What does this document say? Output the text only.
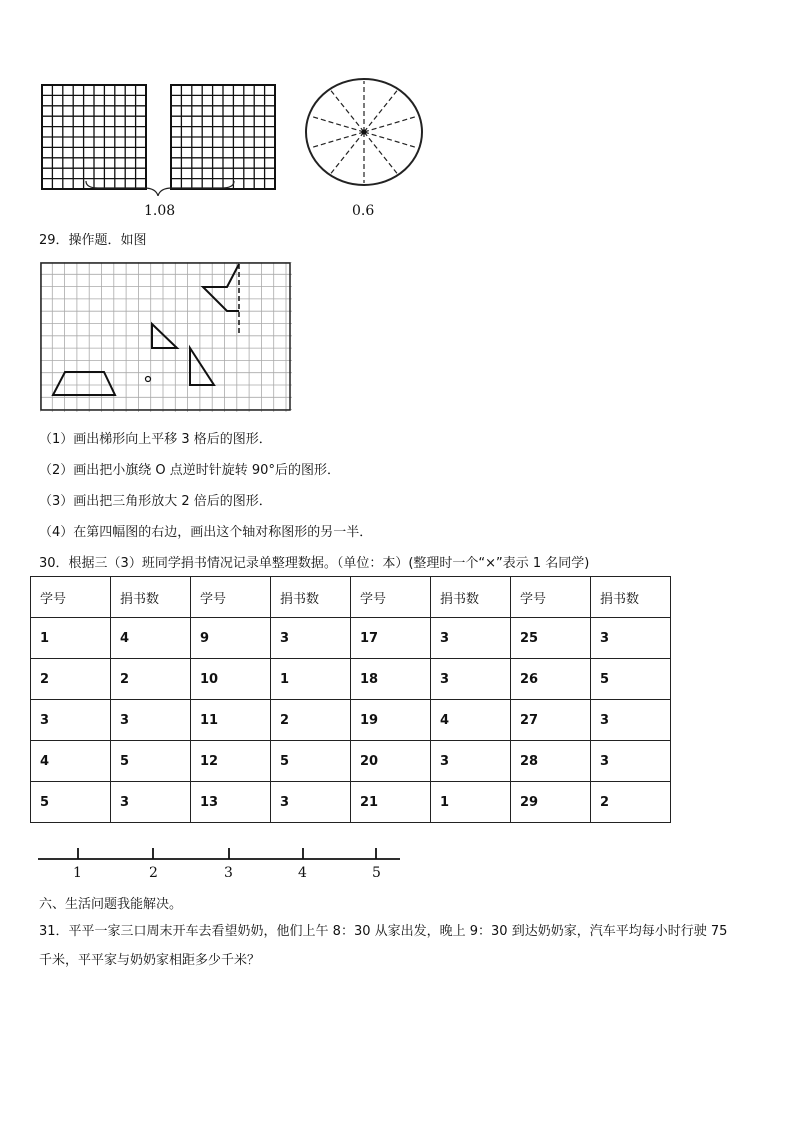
1.08	0.6
29．操作题．如图
（1）画出梯形向上平移 3 格后的图形．
（2）画出把小旗绕 O 点逆时针旋转 90°后的图形．
（3）画出把三角形放大 2 倍后的图形．
（4）在第四幅图的右边，画出这个轴对称图形的另一半．
30．根据三（3）班同学捐书情况记录单整理数据。（单位：本）(整理时一个“×”表示 1 名同学)
学号	捐书数	学号	捐书数	学号	捐书数	学号	捐书数
1	4	9	3	17	3	25	3
2	2	10	1	18	3	26	5
3	3	11	2	19	4	27	3
4	5	12	5	20	3	28	3
5	3	13	3	21	1	29	2
1	2	3	4	5
六、生活问题我能解决。
31．平平一家三口周末开车去看望奶奶，他们上午 8：30 从家出发，晚上 9：30 到达奶奶家，汽车平均每小时行驶 75
千米，平平家与奶奶家相距多少千米？
